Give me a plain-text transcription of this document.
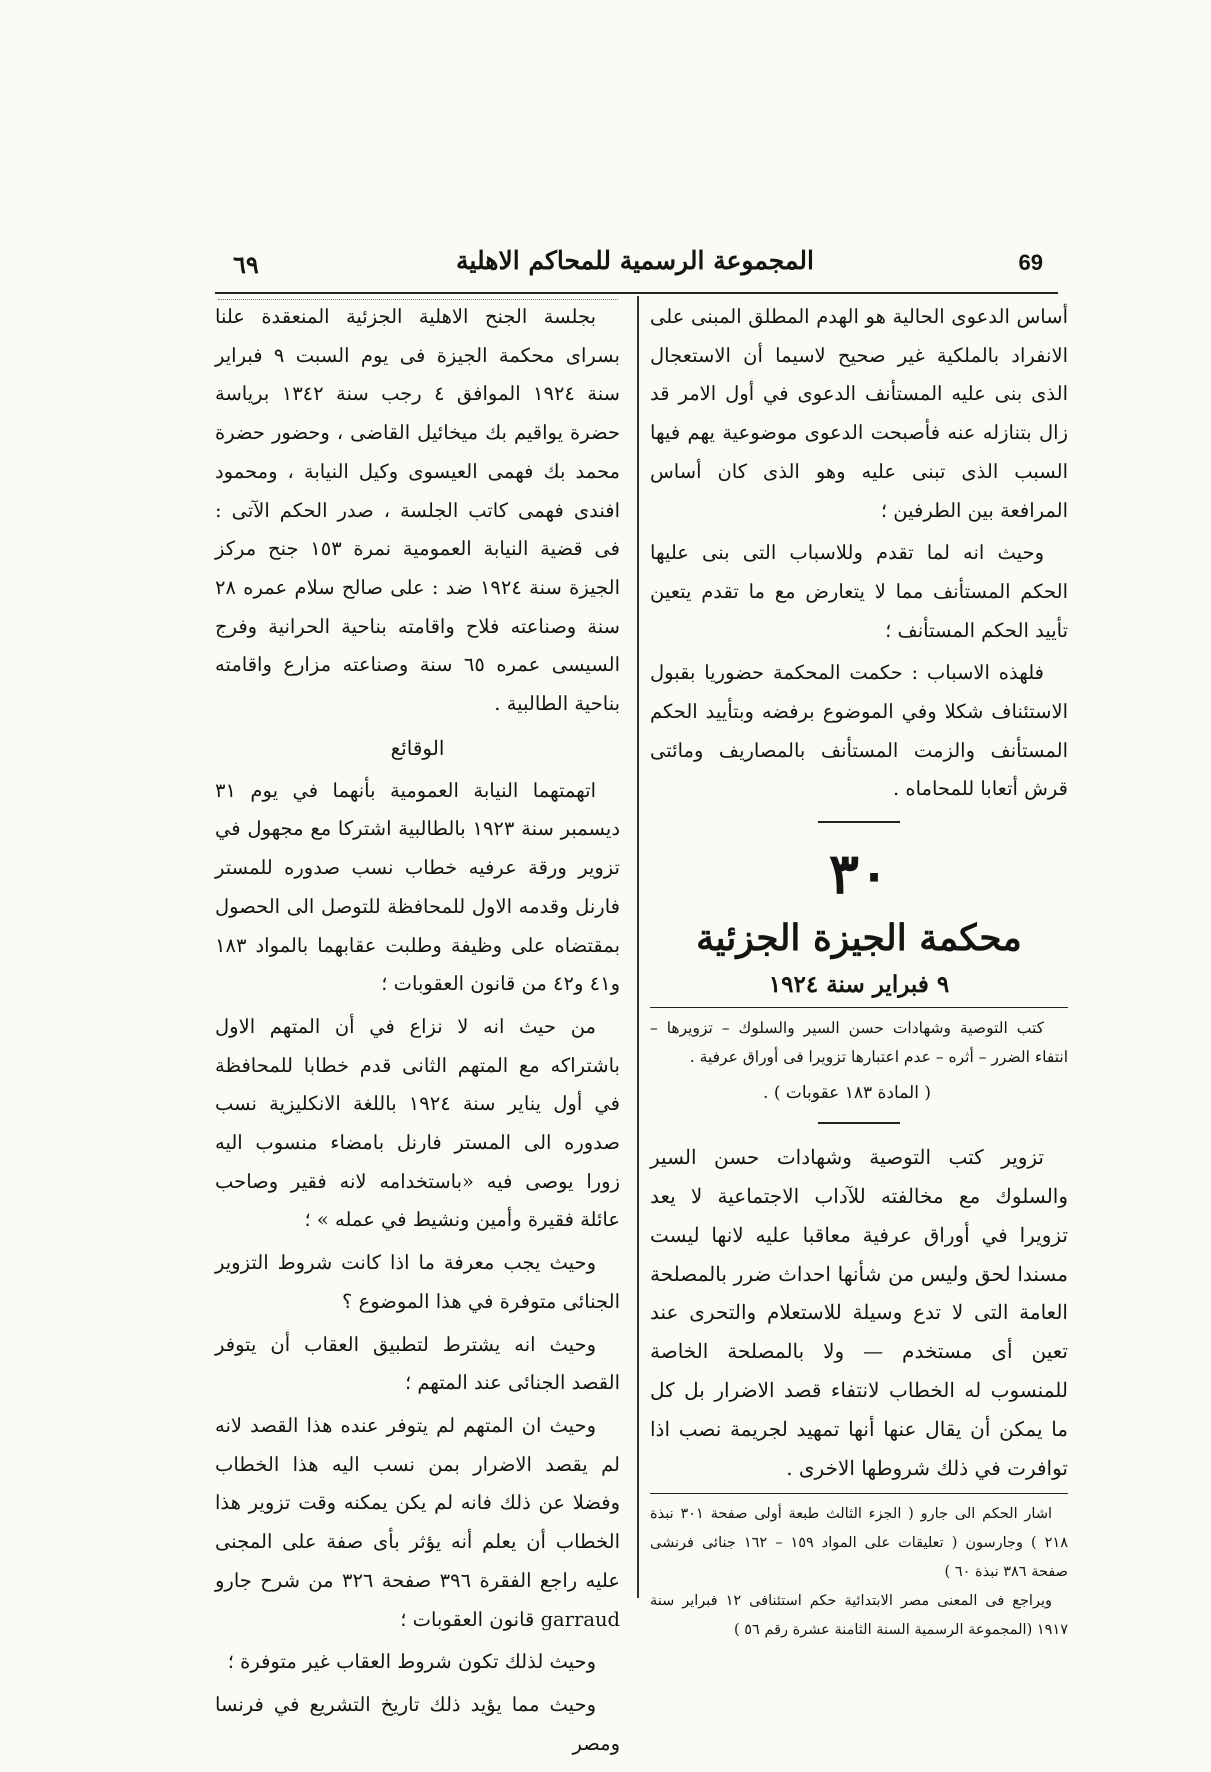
٦٩	المجموعة الرسمية للمحاكم الاهلية	69

أساس الدعوى الحالية هو الهدم المطلق المبنى على الانفراد بالملكية غير صحيح لاسيما أن الاستعجال الذى بنى عليه المستأنف الدعوى في أول الامر قد زال بتنازله عنه فأصبحت الدعوى موضوعية يهم فيها السبب الذى تبنى عليه وهو الذى كان أساس المرافعة بين الطرفين ؛

وحيث انه لما تقدم وللاسباب التى بنى عليها الحكم المستأنف مما لا يتعارض مع ما تقدم يتعين تأييد الحكم المستأنف ؛

فلهذه الاسباب : حكمت المحكمة حضوريا بقبول الاستئناف شكلا وفي الموضوع برفضه وبتأييد الحكم المستأنف والزمت المستأنف بالمصاريف ومائتى قرش أتعابا للمحاماه .

٣٠
محكمة الجيزة الجزئية
٩ فبراير سنة ١٩٢٤

كتب التوصية وشهادات حسن السير والسلوك – تزويرها – انتفاء الضرر – أثره – عدم اعتبارها تزويرا فى أوراق عرفية .

( المادة ١٨٣ عقوبات ) .

تزوير كتب التوصية وشهادات حسن السير والسلوك مع مخالفته للآداب الاجتماعية لا يعد تزويرا في أوراق عرفية معاقبا عليه لانها ليست مسندا لحق وليس من شأنها احداث ضرر بالمصلحة العامة التى لا تدع وسيلة للاستعلام والتحرى عند تعين أى مستخدم — ولا بالمصلحة الخاصة للمنسوب له الخطاب لانتفاء قصد الاضرار بل كل ما يمكن أن يقال عنها أنها تمهيد لجريمة نصب اذا توافرت في ذلك شروطها الاخرى .

اشار الحكم الى جارو ( الجزء الثالث طبعة أولى صفحة ٣٠١ نبذة ٢١٨ ) وجارسون ( تعليقات على المواد ١٥٩ – ١٦٢ جنائى فرنشى صفحة ٣٨٦ نبذة ٦٠ )

ويراجع فى المعنى مصر الابتدائية حكم استئنافى ١٢ فبراير سنة ١٩١٧ (المجموعة الرسمية السنة الثامنة عشرة رقم ٥٦ )

بجلسة الجنح الاهلية الجزئية المنعقدة علنا بسراى محكمة الجيزة فى يوم السبت ٩ فبراير سنة ١٩٢٤ الموافق ٤ رجب سنة ١٣٤٢ برياسة حضرة يواقيم بك ميخائيل القاضى ، وحضور حضرة محمد بك فهمى العيسوى وكيل النيابة ، ومحمود افندى فهمى كاتب الجلسة ، صدر الحكم الآتى : فى قضية النيابة العمومية نمرة ١٥٣ جنح مركز الجيزة سنة ١٩٢٤ ضد : على صالح سلام عمره ٢٨ سنة وصناعته فلاح واقامته بناحية الحرانية وفرج السيسى عمره ٦٥ سنة وصناعته مزارع واقامته بناحية الطالبية .

الوقائع

اتهمتهما النيابة العمومية بأنهما في يوم ٣١ ديسمبر سنة ١٩٢٣ بالطالبية اشتركا مع مجهول في تزوير ورقة عرفيه خطاب نسب صدوره للمستر فارنل وقدمه الاول للمحافظة للتوصل الى الحصول بمقتضاه على وظيفة وطلبت عقابهما بالمواد ١٨٣ و٤١ و٤٢ من قانون العقوبات ؛

من حيث انه لا نزاع في أن المتهم الاول باشتراكه مع المتهم الثانى قدم خطابا للمحافظة في أول يناير سنة ١٩٢٤ باللغة الانكليزية نسب صدوره الى المستر فارنل بامضاء منسوب اليه زورا يوصى فيه «باستخدامه لانه فقير وصاحب عائلة فقيرة وأمين ونشيط في عمله » ؛

وحيث يجب معرفة ما اذا كانت شروط التزوير الجنائى متوفرة في هذا الموضوع ؟

وحيث انه يشترط لتطبيق العقاب أن يتوفر القصد الجنائى عند المتهم ؛

وحيث ان المتهم لم يتوفر عنده هذا القصد لانه لم يقصد الاضرار بمن نسب اليه هذا الخطاب وفضلا عن ذلك فانه لم يكن يمكنه وقت تزوير هذا الخطاب أن يعلم أنه يؤثر بأى صفة على المجنى عليه راجع الفقرة ٣٩٦ صفحة ٣٢٦ من شرح جارو garraud قانون العقوبات ؛

وحيث لذلك تكون شروط العقاب غير متوفرة ؛

وحيث مما يؤيد ذلك تاريخ التشريع في فرنسا ومصر
